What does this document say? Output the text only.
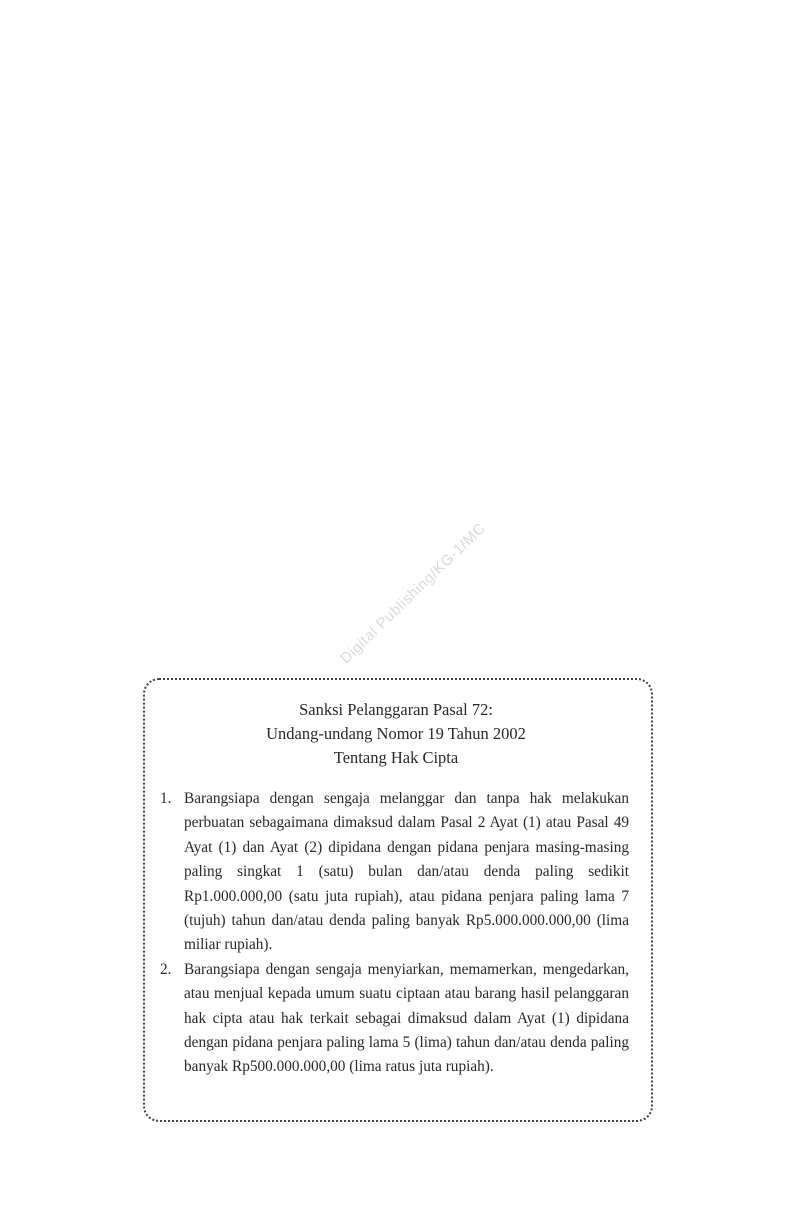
Digital Publishing/KG-1/MC
Sanksi Pelanggaran Pasal 72:
Undang-undang Nomor 19 Tahun 2002
Tentang Hak Cipta
1. Barangsiapa dengan sengaja melanggar dan tanpa hak melakukan perbuatan sebagaimana dimaksud dalam Pasal 2 Ayat (1) atau Pasal 49 Ayat (1) dan Ayat (2) dipidana dengan pidana penjara masing-masing paling singkat 1 (satu) bulan dan/atau denda paling sedikit Rp1.000.000,00 (satu juta rupiah), atau pidana penjara paling lama 7 (tujuh) tahun dan/atau denda paling banyak Rp5.000.000.000,00 (lima miliar rupiah).
2. Barangsiapa dengan sengaja menyiarkan, memamerkan, mengedarkan, atau menjual kepada umum suatu ciptaan atau barang hasil pelanggaran hak cipta atau hak terkait sebagai dimaksud dalam Ayat (1) dipidana dengan pidana penjara paling lama 5 (lima) tahun dan/atau denda paling banyak Rp500.000.000,00 (lima ratus juta rupiah).
